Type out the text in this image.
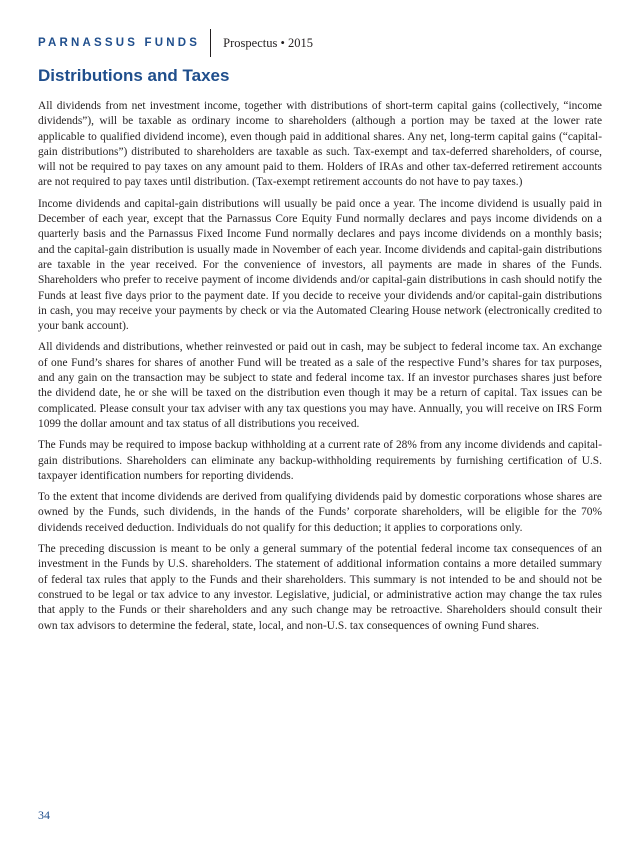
PARNASSUS FUNDS Prospectus • 2015
Distributions and Taxes

All dividends from net investment income, together with distributions of short-term capital gains (collectively, “income dividends”), will be taxable as ordinary income to shareholders (although a portion may be taxed at the lower rate applicable to qualified dividend income), even though paid in additional shares. Any net, long-term capital gains (“capital-gain distributions”) distributed to shareholders are taxable as such. Tax-exempt and tax-deferred shareholders, of course, will not be required to pay taxes on any amount paid to them. Holders of IRAs and other tax-deferred retirement accounts are not required to pay taxes until distribution. (Tax-exempt retirement accounts do not have to pay taxes.)

Income dividends and capital-gain distributions will usually be paid once a year. The income dividend is usually paid in December of each year, except that the Parnassus Core Equity Fund normally declares and pays income dividends on a quarterly basis and the Parnassus Fixed Income Fund normally declares and pays income dividends on a monthly basis; and the capital-gain distribution is usually made in November of each year. Income dividends and capital-gain distributions are taxable in the year received. For the convenience of investors, all payments are made in shares of the Funds. Shareholders who prefer to receive payment of income dividends and/or capital-gain distributions in cash should notify the Funds at least five days prior to the payment date. If you decide to receive your dividends and/or capital-gain distributions in cash, you may receive your payments by check or via the Automated Clearing House network (electronically credited to your bank account).

All dividends and distributions, whether reinvested or paid out in cash, may be subject to federal income tax. An exchange of one Fund’s shares for shares of another Fund will be treated as a sale of the respective Fund’s shares for tax purposes, and any gain on the transaction may be subject to state and federal income tax. If an investor purchases shares just before the dividend date, he or she will be taxed on the distribution even though it may be a return of capital. Tax issues can be complicated. Please consult your tax adviser with any tax questions you may have. Annually, you will receive on IRS Form 1099 the dollar amount and tax status of all distributions you received.

The Funds may be required to impose backup withholding at a current rate of 28% from any income dividends and capital-gain distributions. Shareholders can eliminate any backup-withholding requirements by furnishing certification of U.S. taxpayer identification numbers for reporting dividends.

To the extent that income dividends are derived from qualifying dividends paid by domestic corporations whose shares are owned by the Funds, such dividends, in the hands of the Funds’ corporate shareholders, will be eligible for the 70% dividends received deduction. Individuals do not qualify for this deduction; it applies to corporations only.

The preceding discussion is meant to be only a general summary of the potential federal income tax consequences of an investment in the Funds by U.S. shareholders. The statement of additional information contains a more detailed summary of federal tax rules that apply to the Funds and their shareholders. This summary is not intended to be and should not be construed to be legal or tax advice to any investor. Legislative, judicial, or administrative action may change the tax rules that apply to the Funds or their shareholders and any such change may be retroactive. Shareholders should consult their own tax advisors to determine the federal, state, local, and non-U.S. tax consequences of owning Fund shares.

34
